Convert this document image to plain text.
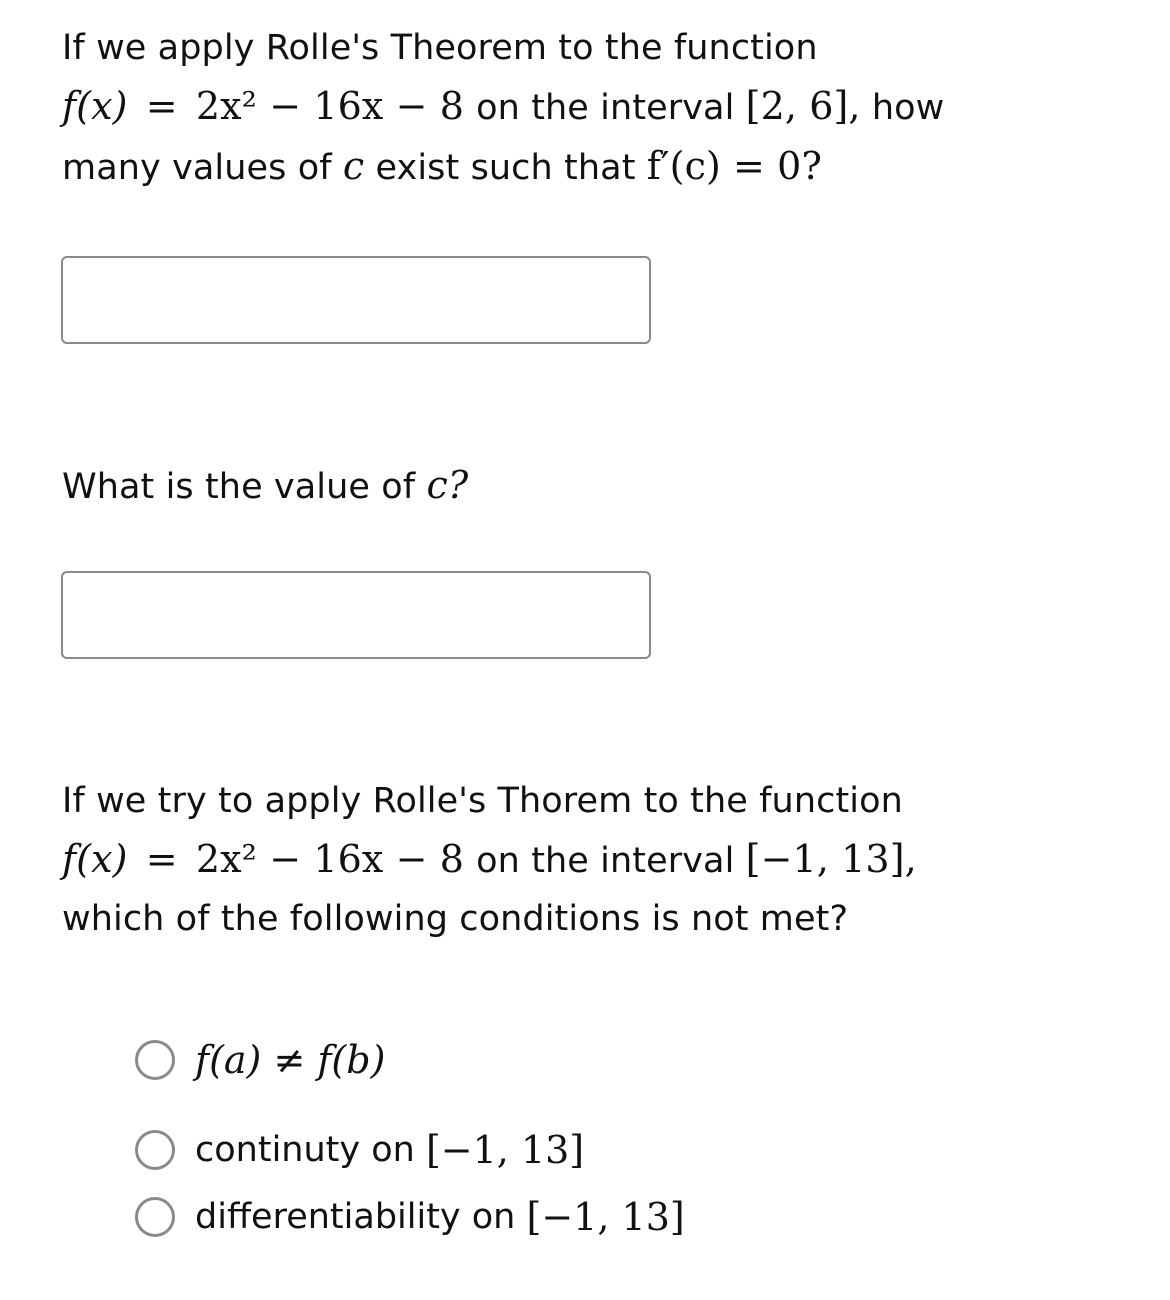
If we apply Rolle's Theorem to the function
f(x) = 2x² − 16x − 8 on the interval [2, 6], how
many values of c exist such that f′(c) = 0?
What is the value of c?
If we try to apply Rolle's Thorem to the function
f(x) = 2x² − 16x − 8 on the interval [−1, 13],
which of the following conditions is not met?
f(a) ≠ f(b)
continuty on
[−1, 13]
differentiability on
[−1, 13]
